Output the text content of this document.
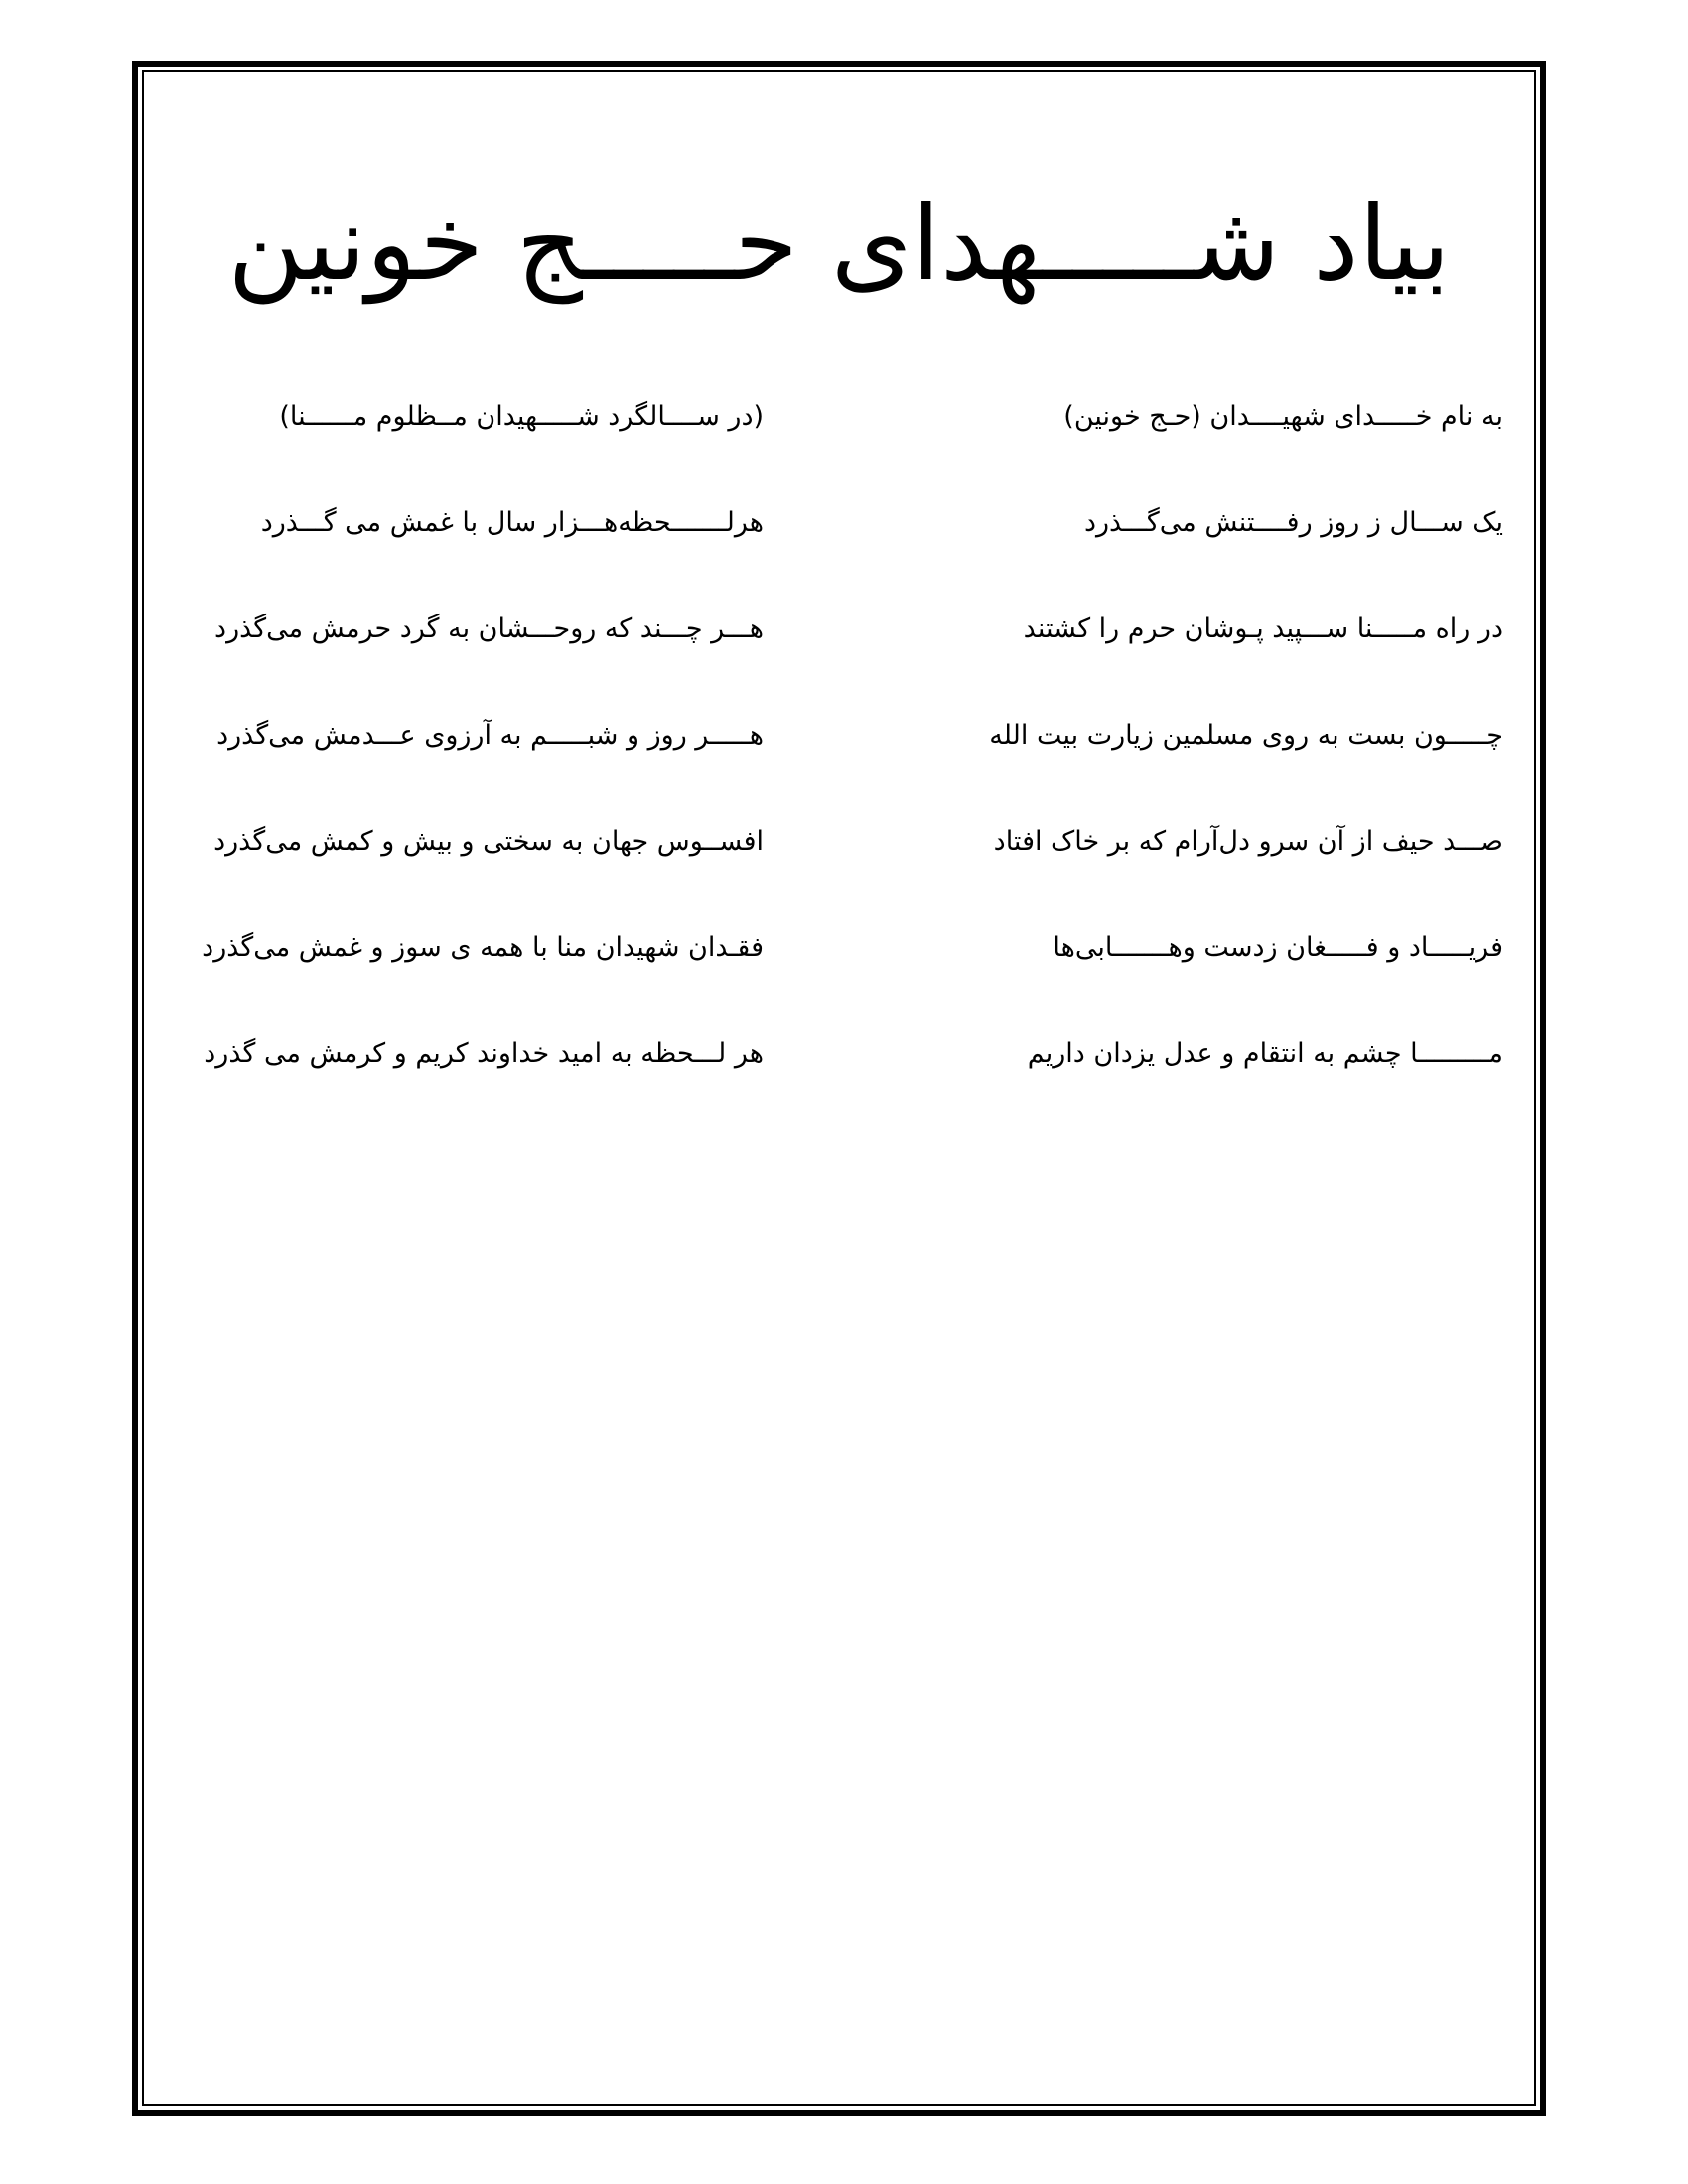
بیاد شـــــهدای حـــــج خونین
به نام خـــــدای شهیــــدان (حـج خونین)
یک ســـال ز روز رفــــتنش می‌گـــذرد
در راه مـــــنا ســـپید پـوشان حرم را کشتند
چـــــون بست به روی مسلمین زیارت بیت الله
صـــد حیف از آن سرو دل‌آرام که بر خاک افتاد
فریـــــاد و فـــــغان زدست وهـــــــابی‌ها
مـــــــــا چشم به انتقام و عدل یزدان داریم
(در ســــالگرد شـــــهیدان مــظلوم مــــــنا)
هرلـــــــحظه‌هـــزار سال با غمش می گـــذرد
هـــر چـــند که روحـــشان به گرد حرمش می‌گذرد
هـــــر روز و شبـــــم به آرزوی عـــدمش می‌گذرد
افســوس جهان به سختی و بیش و کمش می‌گذرد
فقـدان شهیدان منا با همه ی سوز و غمش می‌گذرد
هر لـــحظه به امید خداوند کریم و کرمش می گذرد
